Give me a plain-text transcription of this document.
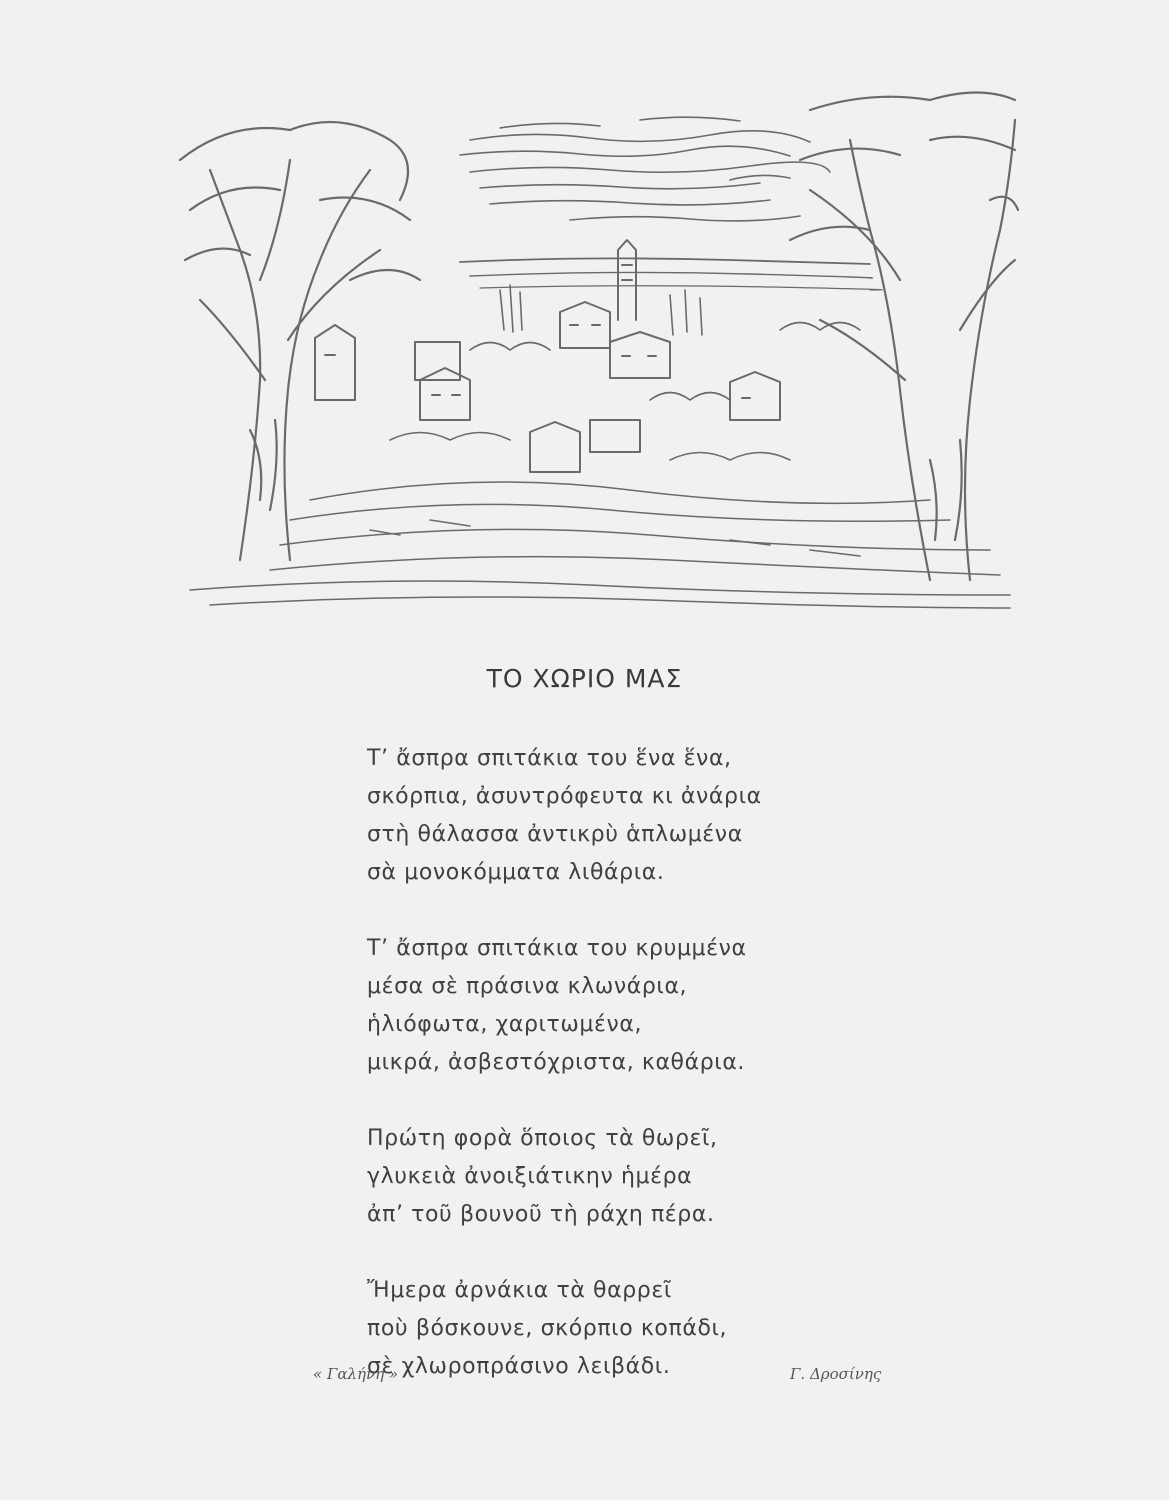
ΤΟ ΧΩΡΙΟ ΜΑΣ
Τ’ ἄσπρα σπιτάκια του ἕνα ἕνα,
σκόρπια, ἀσυντρόφευτα κι ἀνάρια
στὴ θάλασσα ἀντικρὺ ἁπλωμένα
σὰ μονοκόμματα λιθάρια.
Τ’ ἄσπρα σπιτάκια του κρυμμένα
μέσα σὲ πράσινα κλωνάρια,
ἡλιόφωτα, χαριτωμένα,
μικρά, ἀσβεστόχριστα, καθάρια.
Πρώτη φορὰ ὅποιος τὰ θωρεῖ,
γλυκειὰ ἀνοιξιάτικην ἡμέρα
ἀπ’ τοῦ βουνοῦ τὴ ράχη πέρα.
Ἤμερα ἀρνάκια τὰ θαρρεῖ
ποὺ βόσκουνε, σκόρπιο κοπάδι,
σὲ χλωροπράσινο λειβάδι.
« Γαλήνη »	Γ. Δροσίνης
